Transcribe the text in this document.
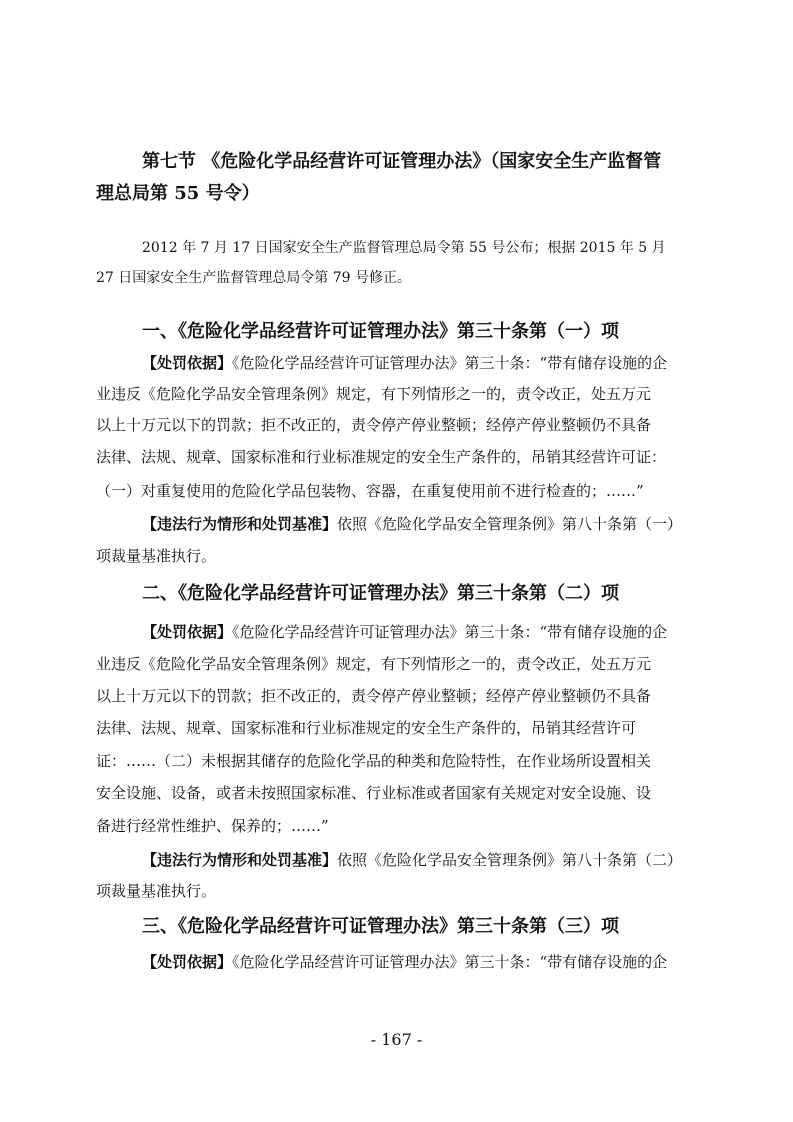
第七节 《危险化学品经营许可证管理办法》（国家安全生产监督管
理总局第 55 号令）
2012 年 7 月 17 日国家安全生产监督管理总局令第 55 号公布；根据 2015 年 5 月
27 日国家安全生产监督管理总局令第 79 号修正。
一、《危险化学品经营许可证管理办法》第三十条第（一）项
【处罚依据】《危险化学品经营许可证管理办法》第三十条：“带有储存设施的企
业违反《危险化学品安全管理条例》规定，有下列情形之一的，责令改正，处五万元
以上十万元以下的罚款；拒不改正的，责令停产停业整顿；经停产停业整顿仍不具备
法律、法规、规章、国家标准和行业标准规定的安全生产条件的，吊销其经营许可证：
（一）对重复使用的危险化学品包装物、容器，在重复使用前不进行检查的；……”
【违法行为情形和处罚基准】依照《危险化学品安全管理条例》第八十条第（一）
项裁量基准执行。
二、《危险化学品经营许可证管理办法》第三十条第（二）项
【处罚依据】《危险化学品经营许可证管理办法》第三十条：“带有储存设施的企
业违反《危险化学品安全管理条例》规定，有下列情形之一的，责令改正，处五万元
以上十万元以下的罚款；拒不改正的，责令停产停业整顿；经停产停业整顿仍不具备
法律、法规、规章、国家标准和行业标准规定的安全生产条件的，吊销其经营许可
证：……（二）未根据其储存的危险化学品的种类和危险特性，在作业场所设置相关
安全设施、设备，或者未按照国家标准、行业标准或者国家有关规定对安全设施、设
备进行经常性维护、保养的；……”
【违法行为情形和处罚基准】依照《危险化学品安全管理条例》第八十条第（二）
项裁量基准执行。
三、《危险化学品经营许可证管理办法》第三十条第（三）项
【处罚依据】《危险化学品经营许可证管理办法》第三十条：“带有储存设施的企
- 167 -
